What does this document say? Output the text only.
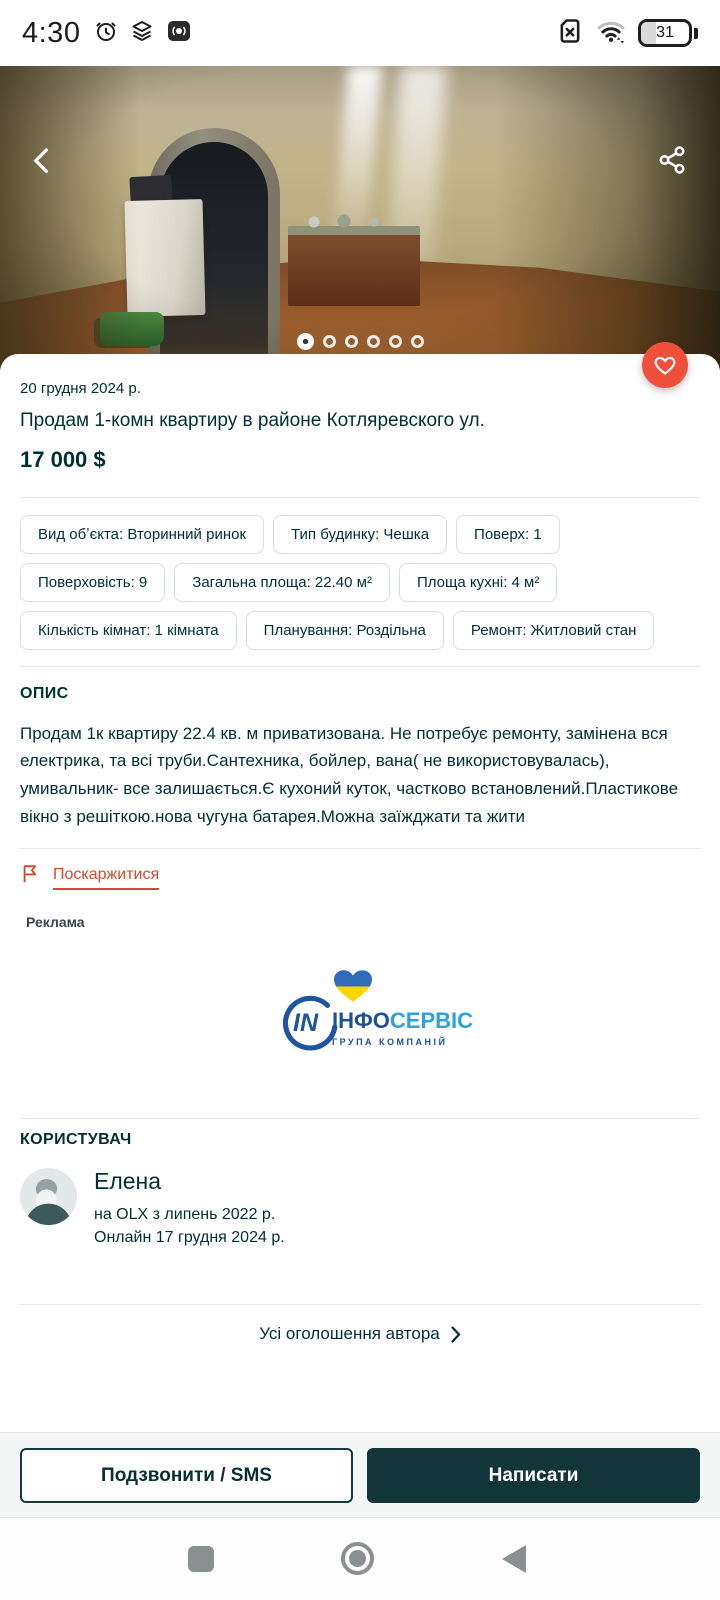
4:30	31
20 грудня 2024 р.
Продам 1-комн квартиру в районе Котляревского ул.
17 000 $
Вид обʼєкта: Вторинний ринок	Тип будинку: Чешка	Поверх: 1
Поверховість: 9	Загальна площа: 22.40 м²	Площа кухні: 4 м²
Кількість кімнат: 1 кімната	Планування: Роздільна	Ремонт: Житловий стан
ОПИС
Продам 1к квартиру 22.4 кв. м приватизована. Не потребує ремонту, замінена вся електрика, та всі труби.Сантехника, бойлер, вана( не використовувалась), умивальник- все залишається.Є кухоний куток, частково встановлений.Пластикове вікно з решіткою.нова чугуна батарея.Можна заїжджати та жити
Поскаржитися
Реклама
IN ІНФОСЕРВІС
ГРУПА КОМПАНІЙ
КОРИСТУВАЧ
Елена
на OLX з липень 2022 р.
Онлайн 17 грудня 2024 р.
Усі оголошення автора
Подзвонити / SMS	Написати
